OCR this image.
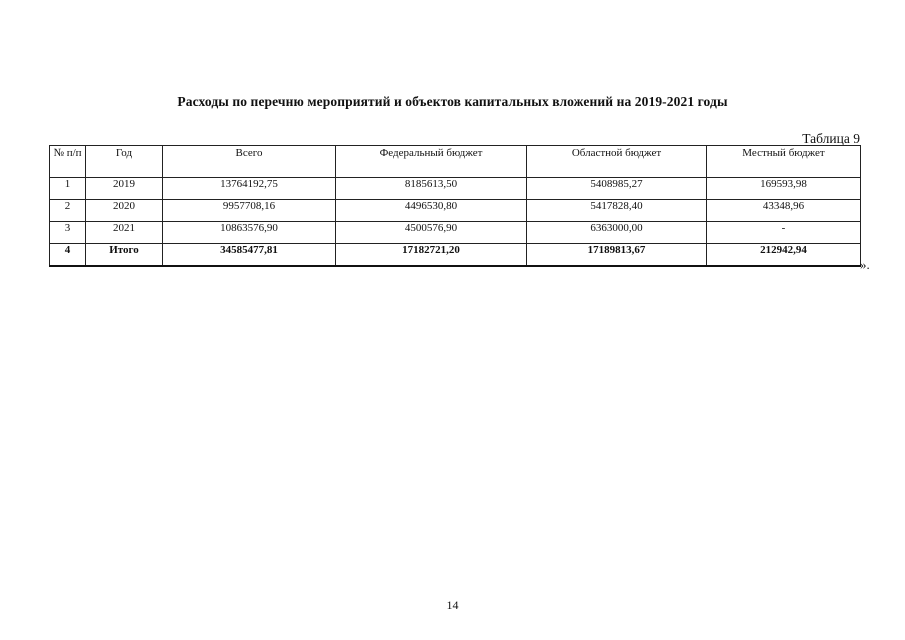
Расходы по перечню мероприятий и объектов капитальных вложений на 2019-2021 годы
Таблица 9
№ п/п	Год	Всего	Федеральный бюджет	Областной бюджет	Местный бюджет
1	2019	13764192,75	8185613,50	5408985,27	169593,98
2	2020	9957708,16	4496530,80	5417828,40	43348,96
3	2021	10863576,90	4500576,90	6363000,00	-
4	Итого	34585477,81	17182721,20	17189813,67	212942,94
».
14
